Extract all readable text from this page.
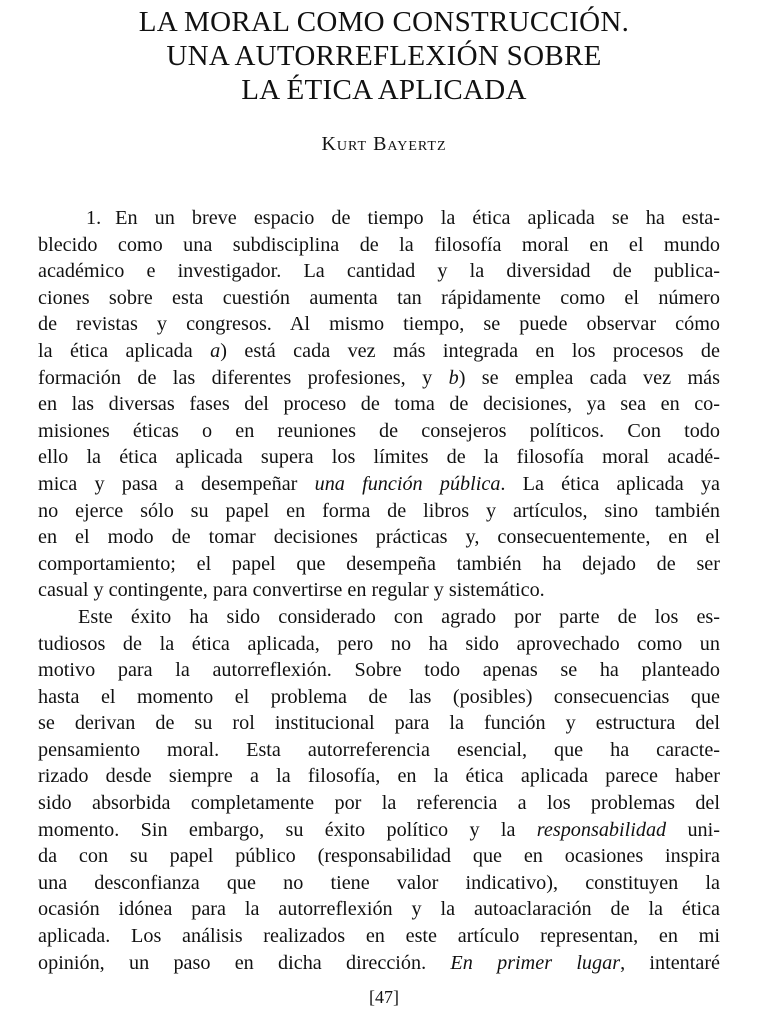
LA MORAL COMO CONSTRUCCIÓN.
UNA AUTORREFLEXIÓN SOBRE
LA ÉTICA APLICADA
Kurt Bayertz
1. En un breve espacio de tiempo la ética aplicada se ha esta-
blecido como una subdisciplina de la filosofía moral en el mundo
académico e investigador. La cantidad y la diversidad de publica-
ciones sobre esta cuestión aumenta tan rápidamente como el número
de revistas y congresos. Al mismo tiempo, se puede observar cómo
la ética aplicada a) está cada vez más integrada en los procesos de
formación de las diferentes profesiones, y b) se emplea cada vez más
en las diversas fases del proceso de toma de decisiones, ya sea en co-
misiones éticas o en reuniones de consejeros políticos. Con todo
ello la ética aplicada supera los límites de la filosofía moral acadé-
mica y pasa a desempeñar una función pública. La ética aplicada ya
no ejerce sólo su papel en forma de libros y artículos, sino también
en el modo de tomar decisiones prácticas y, consecuentemente, en el
comportamiento; el papel que desempeña también ha dejado de ser
casual y contingente, para convertirse en regular y sistemático.
Este éxito ha sido considerado con agrado por parte de los es-
tudiosos de la ética aplicada, pero no ha sido aprovechado como un
motivo para la autorreflexión. Sobre todo apenas se ha planteado
hasta el momento el problema de las (posibles) consecuencias que
se derivan de su rol institucional para la función y estructura del
pensamiento moral. Esta autorreferencia esencial, que ha caracte-
rizado desde siempre a la filosofía, en la ética aplicada parece haber
sido absorbida completamente por la referencia a los problemas del
momento. Sin embargo, su éxito político y la responsabilidad uni-
da con su papel público (responsabilidad que en ocasiones inspira
una desconfianza que no tiene valor indicativo), constituyen la
ocasión idónea para la autorreflexión y la autoaclaración de la ética
aplicada. Los análisis realizados en este artículo representan, en mi
opinión, un paso en dicha dirección. En primer lugar, intentaré
[47]
